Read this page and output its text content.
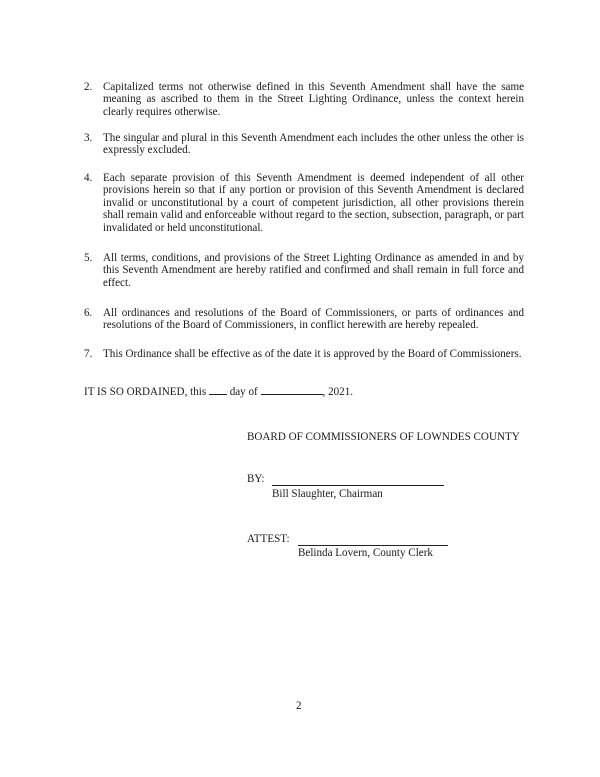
2. Capitalized terms not otherwise defined in this Seventh Amendment shall have the same meaning as ascribed to them in the Street Lighting Ordinance, unless the context herein clearly requires otherwise.
3. The singular and plural in this Seventh Amendment each includes the other unless the other is expressly excluded.
4. Each separate provision of this Seventh Amendment is deemed independent of all other provisions herein so that if any portion or provision of this Seventh Amendment is declared invalid or unconstitutional by a court of competent jurisdiction, all other provisions therein shall remain valid and enforceable without regard to the section, subsection, paragraph, or part invalidated or held unconstitutional.
5. All terms, conditions, and provisions of the Street Lighting Ordinance as amended in and by this Seventh Amendment are hereby ratified and confirmed and shall remain in full force and effect.
6. All ordinances and resolutions of the Board of Commissioners, or parts of ordinances and resolutions of the Board of Commissioners, in conflict herewith are hereby repealed.
7. This Ordinance shall be effective as of the date it is approved by the Board of Commissioners.
IT IS SO ORDAINED, this day of	, 2021.
BOARD OF COMMISSIONERS OF LOWNDES COUNTY
BY:
Bill Slaughter, Chairman
ATTEST:
Belinda Lovern, County Clerk
2
